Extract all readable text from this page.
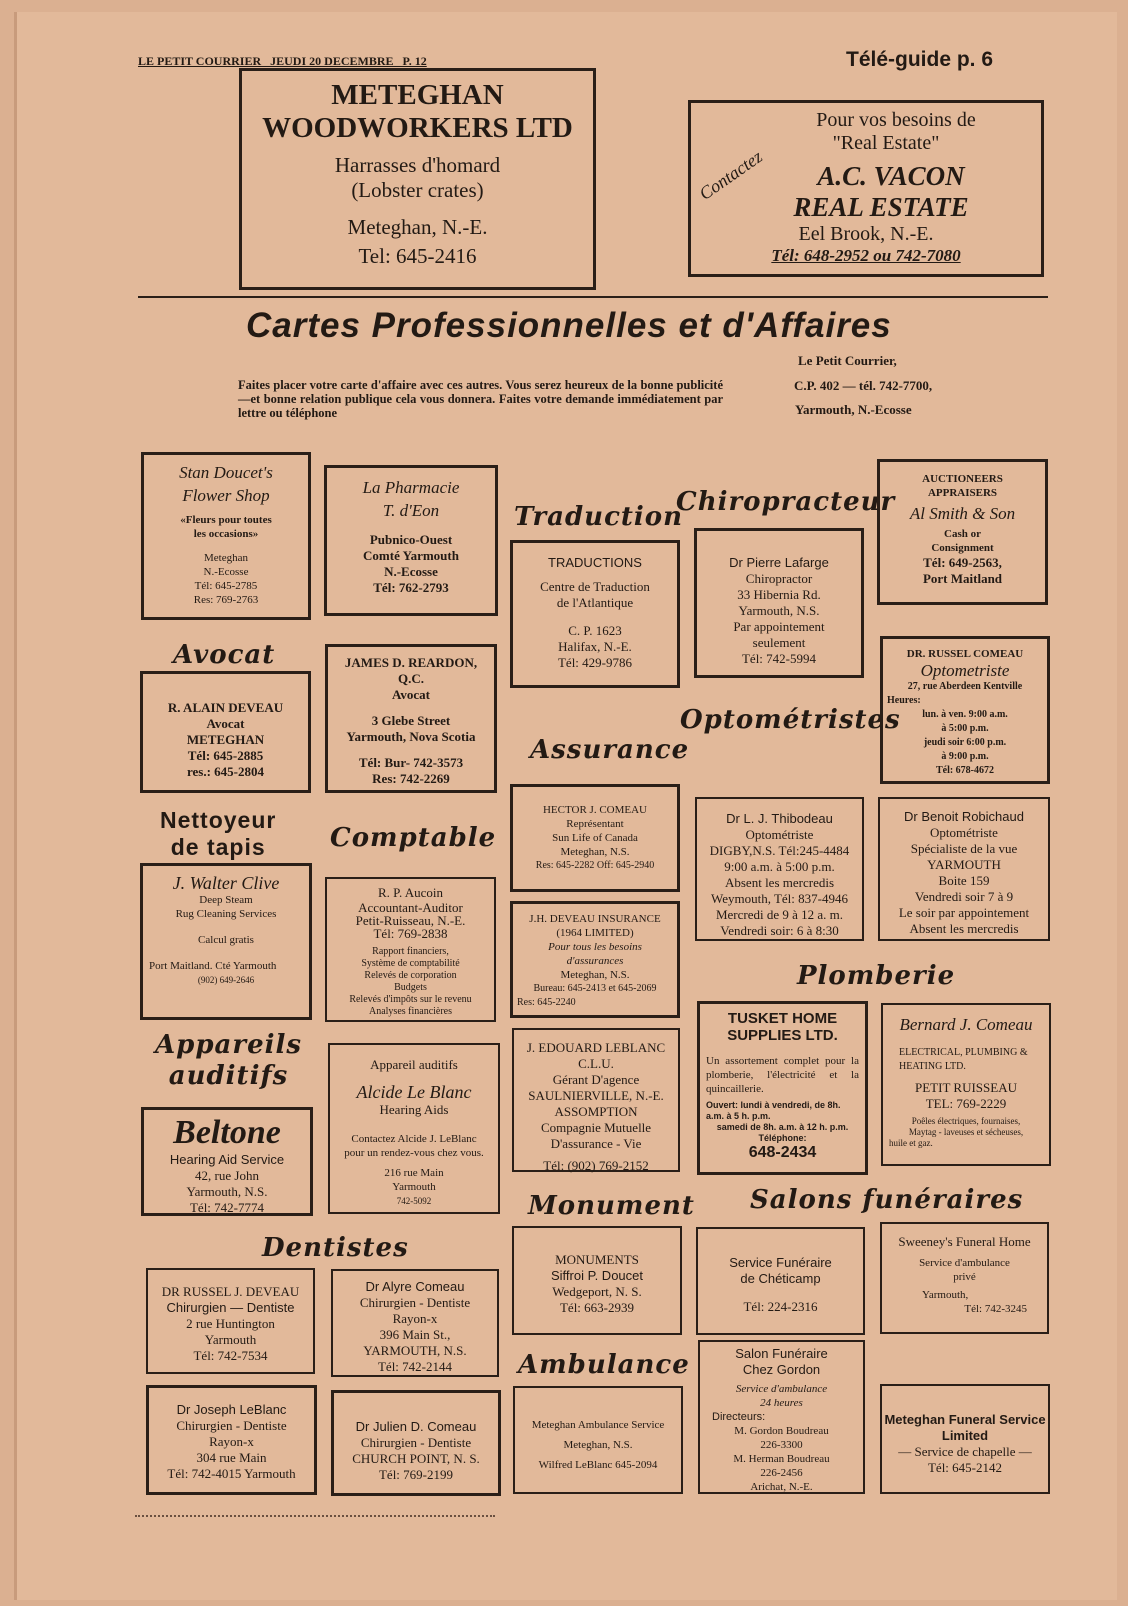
LE PETIT COURRIER   JEUDI 20 DECEMBRE   P. 12	Télé-guide p. 6
METEGHAN
WOODWORKERS LTD
Harrasses d'homard
(Lobster crates)
Meteghan, N.-E.
Tel: 645-2416
Pour vos besoins de
"Real Estate"
Contactez	A.C. VACON
REAL ESTATE
Eel Brook, N.-E.
Tél: 648-2952 ou 742-7080
Cartes Professionnelles et d'Affaires
Faites placer votre carte d'affaire avec ces autres. Vous serez heureux de la bonne publicité—et bonne relation publique cela vous donnera. Faites votre demande immédiatement par lettre ou téléphone
Le Petit Courrier,
C.P. 402 — tél. 742-7700,
Yarmouth, N.-Ecosse
Avocat
Nettoyeur
de tapis	Comptable
Appareils
auditifs
Dentistes
Traduction
Assurance
Monument
Ambulance
Chiropracteur
Optométristes
Plomberie
Salons funéraires
Stan Doucet's
Flower Shop
«Fleurs pour toutes
les occasions»
Meteghan
N.-Ecosse
Tél: 645-2785
Res: 769-2763
R. ALAIN DEVEAU
Avocat
METEGHAN
Tél: 645-2885
res.: 645-2804
J. Walter Clive
Deep Steam
Rug Cleaning Services
Calcul gratis
Port Maitland. Cté Yarmouth
(902) 649-2646
Beltone
Hearing Aid Service
42, rue John
Yarmouth, N.S.
Tél: 742-7774
DR RUSSEL J. DEVEAU
Chirurgien — Dentiste
2 rue Huntington
Yarmouth
Tél: 742-7534
Dr Joseph LeBlanc
Chirurgien - Dentiste
Rayon-x
304 rue Main
Tél: 742-4015 Yarmouth
La Pharmacie
T. d'Eon
Pubnico-Ouest
Comté Yarmouth
N.-Ecosse
Tél: 762-2793
JAMES D. REARDON,
Q.C.
Avocat
3 Glebe Street
Yarmouth, Nova Scotia
Tél: Bur- 742-3573
Res: 742-2269
R. P. Aucoin
Accountant-Auditor
Petit-Ruisseau, N.-E.
Tél: 769-2838
Rapport financiers,
Système de comptabilité
Relevés de corporation
Budgets
Relevés d'impôts sur le revenu
Analyses financières
Appareil auditifs
Alcide Le Blanc
Hearing Aids
Contactez Alcide J. LeBlanc
pour un rendez-vous chez vous.
216 rue Main
Yarmouth
742-5092
Dr Alyre Comeau
Chirurgien - Dentiste
Rayon-x
396 Main St.,
YARMOUTH, N.S.
Tél: 742-2144
Dr Julien D. Comeau
Chirurgien - Dentiste
CHURCH POINT, N. S.
Tél: 769-2199
TRADUCTIONS
Centre de Traduction
de l'Atlantique
C. P. 1623
Halifax, N.-E.
Tél: 429-9786
HECTOR J. COMEAU
Représentant
Sun Life of Canada
Meteghan, N.S.
Res: 645-2282 Off: 645-2940
J.H. DEVEAU INSURANCE
(1964 LIMITED)
Pour tous les besoins
d'assurances
Meteghan, N.S.
Bureau: 645-2413 et 645-2069
Res: 645-2240
J. EDOUARD LEBLANC
C.L.U.
Gérant D'agence
SAULNIERVILLE, N.-E.
ASSOMPTION
Compagnie Mutuelle
D'assurance - Vie
Tél: (902) 769-2152
MONUMENTS
Siffroi P. Doucet
Wedgeport, N. S.
Tél: 663-2939
Meteghan Ambulance Service
Meteghan, N.S.
Wilfred LeBlanc 645-2094
Dr Pierre Lafarge
Chiropractor
33 Hibernia Rd.
Yarmouth, N.S.
Par appointement
seulement
Tél: 742-5994
Dr L. J. Thibodeau
Optométriste
DIGBY,N.S. Tél:245-4484
9:00 a.m. à 5:00 p.m.
Absent les mercredis
Weymouth, Tél: 837-4946
Mercredi de 9 à 12 a. m.
Vendredi soir: 6 à 8:30
TUSKET HOME
SUPPLIES LTD.
Un assortement complet pour la plomberie, l'électricité et la quincaillerie.
Ouvert: lundi à vendredi, de 8h. a.m. à 5 h. p.m.
samedi de 8h. a.m. à 12 h. p.m.
Téléphone:
648-2434
Service Funéraire
de Chéticamp
Tél: 224-2316
Salon Funéraire
Chez Gordon
Service d'ambulance
24 heures
Directeurs:
M. Gordon Boudreau
226-3300
M. Herman Boudreau
226-2456
Arichat, N.-E.
AUCTIONEERS
APPRAISERS
Al Smith & Son
Cash or
Consignment
Tél: 649-2563,
Port Maitland
DR. RUSSEL COMEAU
Optometriste
27, rue Aberdeen Kentville
Heures:
lun. à ven. 9:00 a.m.
à 5:00 p.m.
jeudi soir 6:00 p.m.
à 9:00 p.m.
Tél: 678-4672
Dr Benoit Robichaud
Optométriste
Spécialiste de la vue
YARMOUTH
Boite 159
Vendredi soir 7 à 9
Le soir par appointement
Absent les mercredis
Bernard J. Comeau
ELECTRICAL, PLUMBING &
HEATING LTD.
PETIT RUISSEAU
TEL: 769-2229
Poêles électriques, fournaises,
Maytag - laveuses et sécheuses,
huile et gaz.
Sweeney's Funeral Home
Service d'ambulance
privé
Yarmouth,
Tél: 742-3245
Meteghan Funeral Service
Limited
— Service de chapelle —
Tél: 645-2142
